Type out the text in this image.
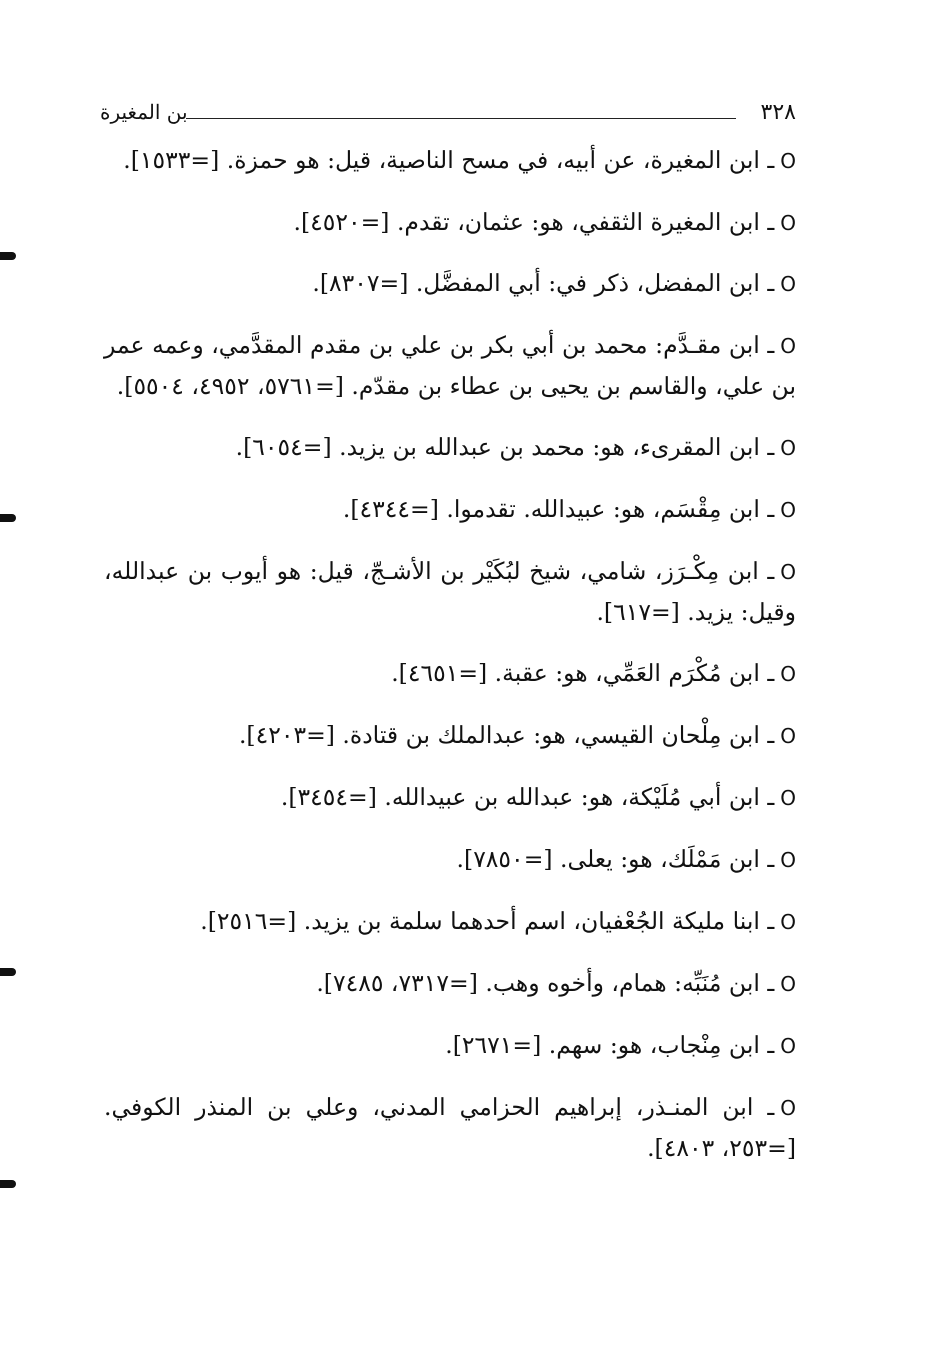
٣٢٨
بن المغيرة

Oـ ابن المغيرة، عن أبيه، في مسح الناصية، قيل: هو حمزة. [=١٥٣٣].

Oـ ابن المغيرة الثقفي، هو: عثمان، تقدم. [=٤٥٢٠].

Oـ ابن المفضل، ذكر في: أبي المفضَّل. [=٨٣٠٧].

Oـ ابن مقـدَّم: محمد بن أبي بكر بن علي بن مقدم المقدَّمي، وعمه عمر بن علي، والقاسم بن يحيى بن عطاء بن مقدّم. [=٥٧٦١، ٤٩٥٢، ٥٥٠٤].

Oـ ابن المقرىء، هو: محمد بن عبدالله بن يزيد. [=٦٠٥٤].

Oـ ابن مِقْسَم، هو: عبيدالله. تقدموا. [=٤٣٤٤].

Oـ ابن مِكْـرَز، شامي، شيخ لبُكَيْر بن الأشـجّ، قيل: هو أيوب بن عبدالله، وقيل: يزيد. [=٦١٧].

Oـ ابن مُكْرَم العَمِّي، هو: عقبة. [=٤٦٥١].

Oـ ابن مِلْحان القيسي، هو: عبدالملك بن قتادة. [=٤٢٠٣].

Oـ ابن أبي مُلَيْكة، هو: عبدالله بن عبيدالله. [=٣٤٥٤].

Oـ ابن مَمْلَك، هو: يعلى. [=٧٨٥٠].

Oـ ابنا مليكة الجُعْفيان، اسم أحدهما سلمة بن يزيد. [=٢٥١٦].

Oـ ابن مُنَبِّه: همام، وأخوه وهب. [=٧٣١٧، ٧٤٨٥].

Oـ ابن مِنْجاب، هو: سهم. [=٢٦٧١].

Oـ ابن المنـذر، إبراهيم الحزامي المدني، وعلي بن المنذر الكوفي. [=٢٥٣، ٤٨٠٣].
